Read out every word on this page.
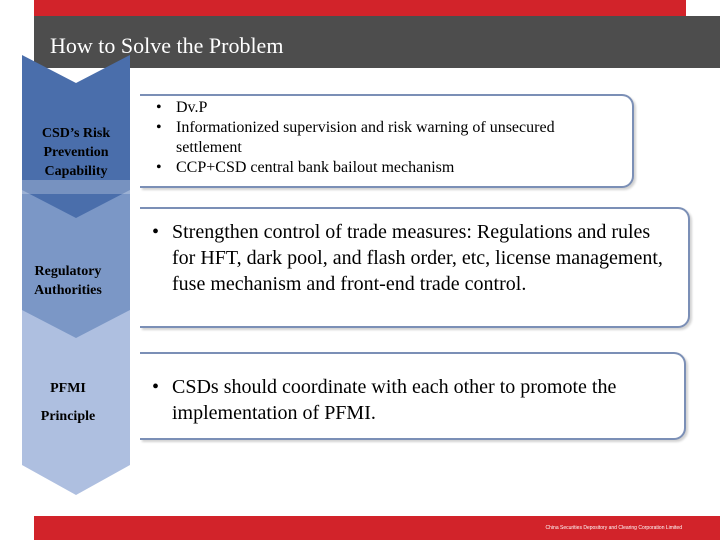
How to Solve the Problem
CSD’s Risk Prevention Capability
Regulatory Authorities
PFMI
Principle
• Dv.P
• Informationized supervision and risk warning of unsecured settlement
• CCP+CSD central bank bailout mechanism
• Strengthen control of trade measures: Regulations and rules for HFT, dark pool, and flash order, etc, license management, fuse mechanism and front-end trade control.
• CSDs should coordinate with each other to promote the implementation of PFMI.
China Securities Depository and Clearing Corporation Limited
